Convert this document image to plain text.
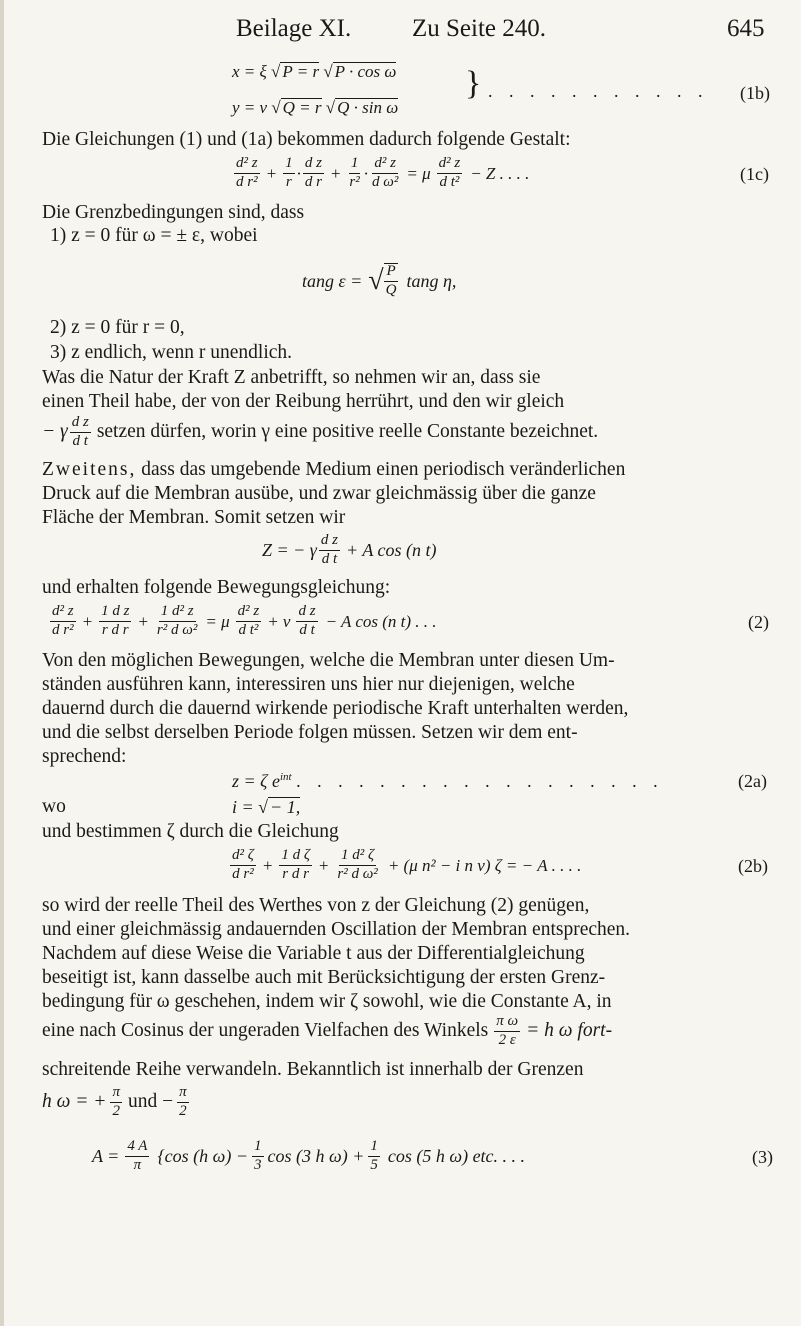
Beilage XI. Zu Seite 240.	645
x = ξ √ P = r √ P · cos ω
y = v √ Q = r √ Q · sin ω
} . . . . . . . . . . . (1b)
Die Gleichungen (1) und (1a) bekommen dadurch folgende Gestalt:
$\frac{\text{d² z}}{\text{d r²}} + \frac{1}{r} \cdot \frac{\text{d z}}{\text{d r}} + \frac{1}{\text{r²}} \cdot \frac{\text{d² z}}{\text{d ω²}} = \mu \frac{\text{d² z}}{\text{d t²}} - Z$ . . . .	(1c)
Die Grenzbedingungen sind, dass
1) z = 0 für ω = ± ε, wobei
tang ε = √ $\frac{P}{Q}$ tang η,
2) z = 0 für r = 0,
3) z endlich, wenn r unendlich.
Was die Natur der Kraft Z anbetrifft, so nehmen wir an, dass sie
einen Theil habe, der von der Reibung herrührt, und den wir gleich
− γ $\frac{\text{d z}}{\text{d t}}$ setzen dürfen, worin γ eine positive reelle Constante bezeichnet.
Zweitens, dass das umgebende Medium einen periodisch veränderlichen
Druck auf die Membran ausübe, und zwar gleichmässig über die ganze
Fläche der Membran. Somit setzen wir
Z = − γ $\frac{\text{d z}}{\text{d t}} + A$ cos (n t)
und erhalten folgende Bewegungsgleichung:
$\frac{\text{d² z}}{\text{d r²}} + \frac{\text{1 d z}}{\text{r d r}} + \frac{\text{1 d² z}}{\text{r² d ω²}} = \mu \frac{\text{d² z}}{\text{d t²}} + \nu \frac{\text{d z}}{\text{d t}} - A$ cos (n t) . . .	(2)
Von den möglichen Bewegungen, welche die Membran unter diesen Um-
ständen ausführen kann, interessiren uns hier nur diejenigen, welche
dauernd durch die dauernd wirkende periodische Kraft unterhalten werden,
und die selbst derselben Periode folgen müssen. Setzen wir dem ent-
sprechend:
z = ζ $e^{int}$ . . . . . . . . . . . . . . . . . .	(2a)
wo	i = √ − 1,
und bestimmen ζ durch die Gleichung
$\frac{\text{d² ζ}}{\text{d r²}} + \frac{\text{1 d ζ}}{\text{r d r}} + \frac{\text{1 d² ζ}}{\text{r² d ω²}} + (\mu$ n² − i n ν) ζ = − A . . . .	(2b)
so wird der reelle Theil des Werthes von z der Gleichung (2) genügen,
und einer gleichmässig andauernden Oscillation der Membran entsprechen.
Nachdem auf diese Weise die Variable t aus der Differentialgleichung
beseitigt ist, kann dasselbe auch mit Berücksichtigung der ersten Grenz-
bedingung für ω geschehen, indem wir ζ sowohl, wie die Constante A, in
eine nach Cosinus der ungeraden Vielfachen des Winkels $\frac{\text{π ω}}{2 \varepsilon} = h$ ω fort-
schreitende Reihe verwandeln. Bekanntlich ist innerhalb der Grenzen
h ω = + $\frac{\pi}{2}$ und − $\frac{\pi}{2}$
$A = \frac{4 A}{\pi} \{\cos$ (h $\omega) - \frac{1}{3}$ cos (3 h $\omega) + \frac{1}{5}$ cos (5 h ω) etc. . . .	(3)
